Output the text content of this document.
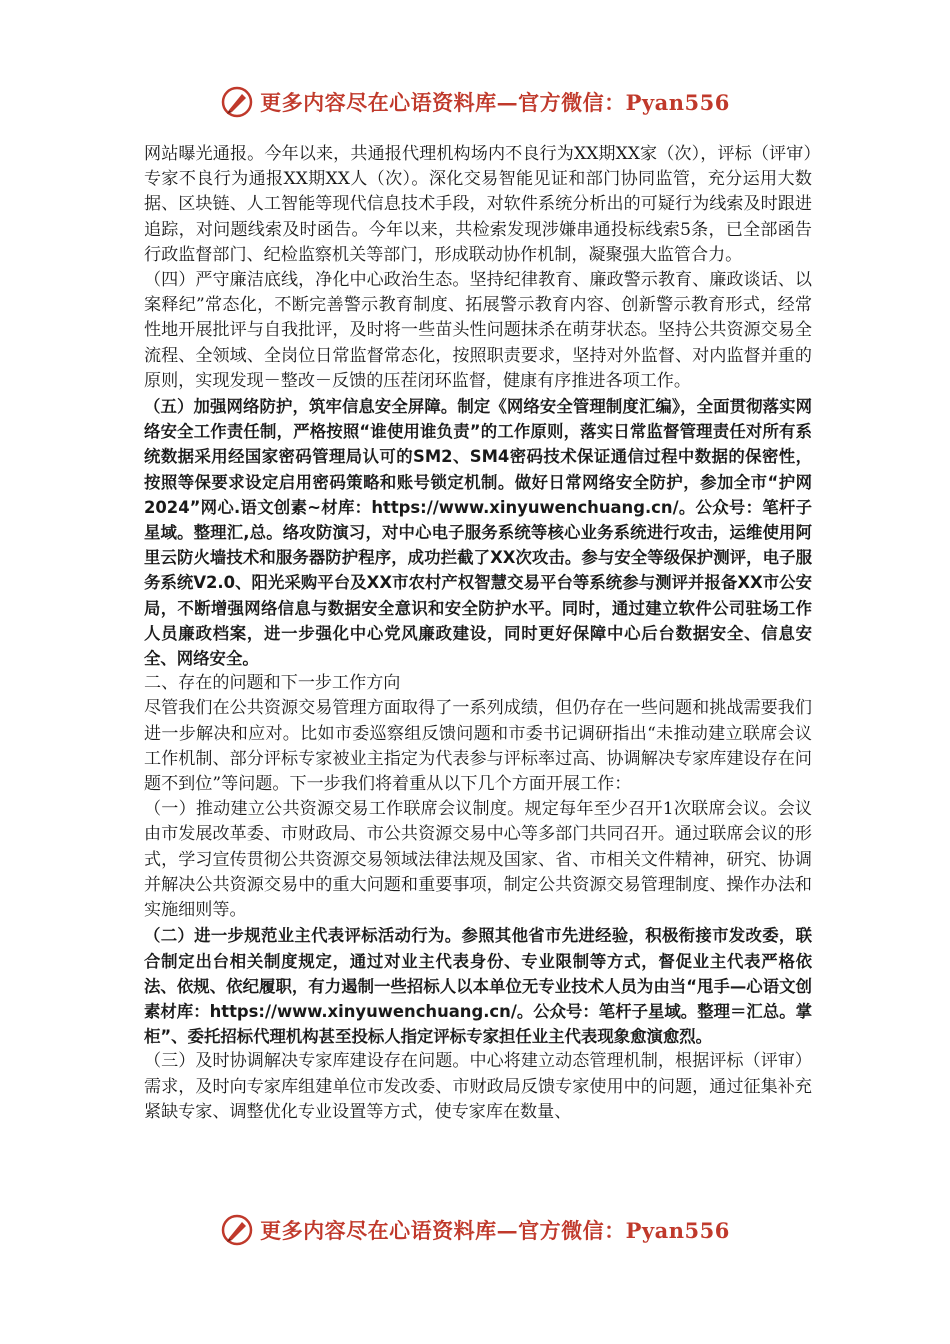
更多内容尽在心语资料库—官方微信：Pyan556

网站曝光通报。今年以来，共通报代理机构场内不良行为XX期XX家（次），评标（评审）专家不良行为通报XX期XX人（次）。深化交易智能见证和部门协同监管，充分运用大数据、区块链、人工智能等现代信息技术手段，对软件系统分析出的可疑行为线索及时跟进追踪，对问题线索及时函告。今年以来，共检索发现涉嫌串通投标线索5条，已全部函告行政监督部门、纪检监察机关等部门，形成联动协作机制，凝聚强大监管合力。

（四）严守廉洁底线，净化中心政治生态。坚持纪律教育、廉政警示教育、廉政谈话、以案释纪”常态化，不断完善警示教育制度、拓展警示教育内容、创新警示教育形式，经常性地开展批评与自我批评，及时将一些苗头性问题抹杀在萌芽状态。坚持公共资源交易全流程、全领域、全岗位日常监督常态化，按照职责要求，坚持对外监督、对内监督并重的原则，实现发现－整改－反馈的压茬闭环监督，健康有序推进各项工作。

（五）加强网络防护，筑牢信息安全屏障。制定《网络安全管理制度汇编》，全面贯彻落实网络安全工作责任制，严格按照“谁使用谁负责”的工作原则，落实日常监督管理责任对所有系统数据采用经国家密码管理局认可的SM2、SM4密码技术保证通信过程中数据的保密性，按照等保要求设定启用密码策略和账号锁定机制。做好日常网络安全防护，参加全市“护网2024”网心.语文创素~材库：https://www.xinyuwenchuang.cn/。公众号：笔杆子星域。整理汇,总。络攻防演习，对中心电子服务系统等核心业务系统进行攻击，运维使用阿里云防火墙技术和服务器防护程序，成功拦截了XX次攻击。参与安全等级保护测评，电子服务系统V2.0、阳光采购平台及XX市农村产权智慧交易平台等系统参与测评并报备XX市公安局，不断增强网络信息与数据安全意识和安全防护水平。同时，通过建立软件公司驻场工作人员廉政档案，进一步强化中心党风廉政建设，同时更好保障中心后台数据安全、信息安全、网络安全。

二、存在的问题和下一步工作方向

尽管我们在公共资源交易管理方面取得了一系列成绩，但仍存在一些问题和挑战需要我们进一步解决和应对。比如市委巡察组反馈问题和市委书记调研指出“未推动建立联席会议工作机制、部分评标专家被业主指定为代表参与评标率过高、协调解决专家库建设存在问题不到位”等问题。下一步我们将着重从以下几个方面开展工作：

（一）推动建立公共资源交易工作联席会议制度。规定每年至少召开1次联席会议。会议由市发展改革委、市财政局、市公共资源交易中心等多部门共同召开。通过联席会议的形式，学习宣传贯彻公共资源交易领域法律法规及国家、省、市相关文件精神，研究、协调并解决公共资源交易中的重大问题和重要事项，制定公共资源交易管理制度、操作办法和实施细则等。

（二）进一步规范业主代表评标活动行为。参照其他省市先进经验，积极衔接市发改委，联合制定出台相关制度规定，通过对业主代表身份、专业限制等方式，督促业主代表严格依法、依规、依纪履职，有力遏制一些招标人以本单位无专业技术人员为由当“甩手—心语文创素材库：https://www.xinyuwenchuang.cn/。公众号：笔杆子星域。整理＝汇总。掌柜”、委托招标代理机构甚至投标人指定评标专家担任业主代表现象愈演愈烈。

（三）及时协调解决专家库建设存在问题。中心将建立动态管理机制，根据评标（评审）需求，及时向专家库组建单位市发改委、市财政局反馈专家使用中的问题，通过征集补充紧缺专家、调整优化专业设置等方式，使专家库在数量、

更多内容尽在心语资料库—官方微信：Pyan556
